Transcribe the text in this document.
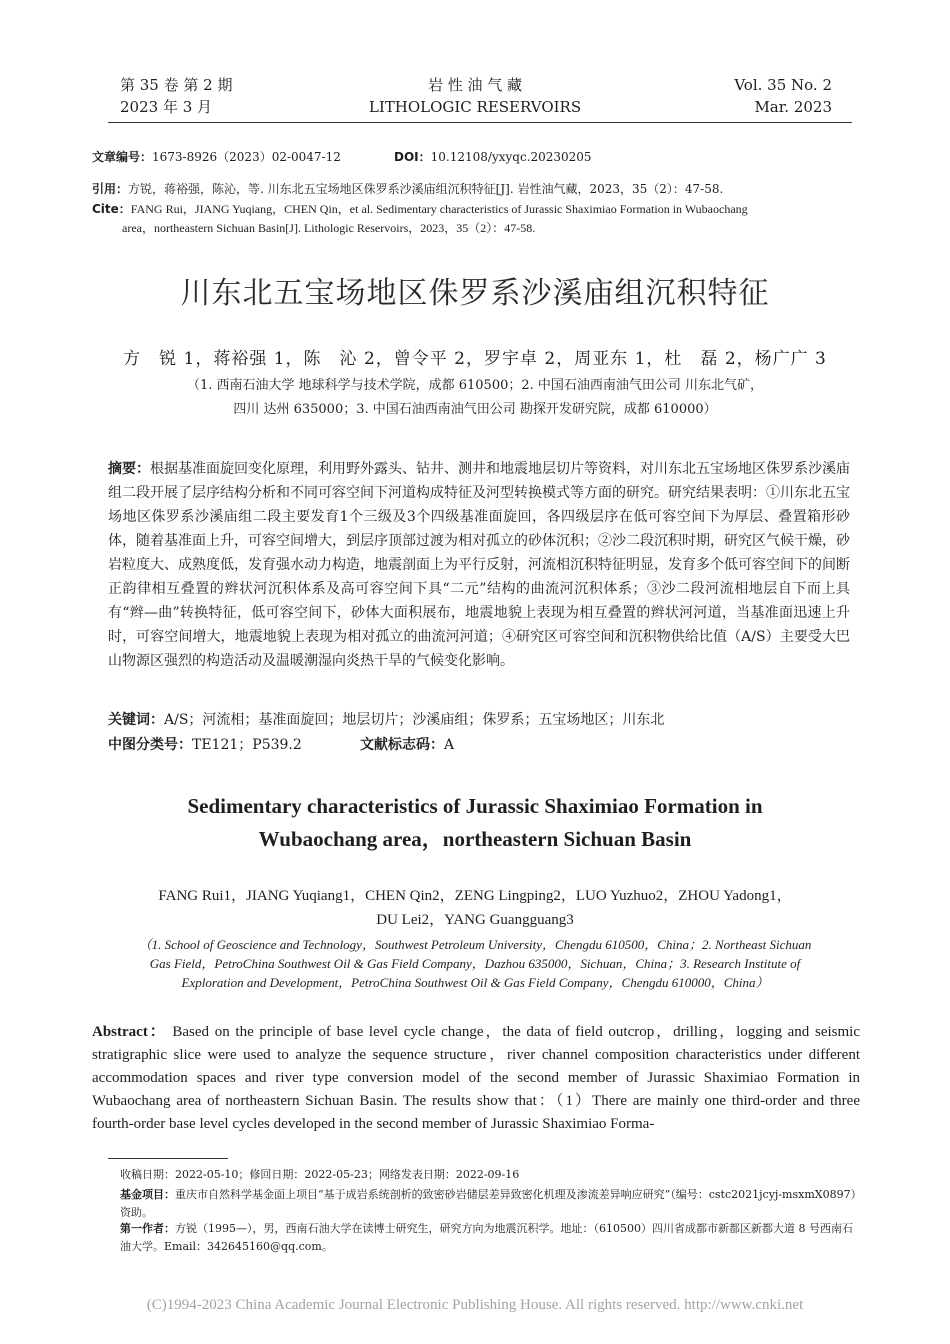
第 35 卷 第 2 期
2023 年 3 月
岩 性 油 气 藏
LITHOLOGIC RESERVOIRS
Vol. 35 No. 2
Mar. 2023
文章编号：1673-8926（2023）02-0047-12	DOI：10.12108/yxyqc.20230205
引用：方锐，蒋裕强，陈沁，等. 川东北五宝场地区侏罗系沙溪庙组沉积特征[J]. 岩性油气藏，2023，35（2）：47-58.
Cite：FANG Rui，JIANG Yuqiang，CHEN Qin，et al. Sedimentary characteristics of Jurassic Shaximiao Formation in Wubaochang
area，northeastern Sichuan Basin[J]. Lithologic Reservoirs，2023，35（2）：47-58.
川东北五宝场地区侏罗系沙溪庙组沉积特征
方　锐 1，蒋裕强 1，陈　沁 2，曾令平 2，罗宇卓 2，周亚东 1，杜　磊 2，杨广广 3
（1. 西南石油大学 地球科学与技术学院，成都 610500；2. 中国石油西南油气田公司 川东北气矿，
四川 达州 635000；3. 中国石油西南油气田公司 勘探开发研究院，成都 610000）
摘要：根据基准面旋回变化原理，利用野外露头、钻井、测井和地震地层切片等资料，对川东北五宝场地区侏罗系沙溪庙组二段开展了层序结构分析和不同可容空间下河道构成特征及河型转换模式等方面的研究。研究结果表明：①川东北五宝场地区侏罗系沙溪庙组二段主要发育1个三级及3个四级基准面旋回，各四级层序在低可容空间下为厚层、叠置箱形砂体，随着基准面上升，可容空间增大，到层序顶部过渡为相对孤立的砂体沉积；②沙二段沉积时期，研究区气候干燥，砂岩粒度大、成熟度低，发育强水动力构造，地震剖面上为平行反射，河流相沉积特征明显，发育多个低可容空间下的间断正韵律相互叠置的辫状河沉积体系及高可容空间下具“二元”结构的曲流河沉积体系；③沙二段河流相地层自下而上具有“辫—曲”转换特征，低可容空间下，砂体大面积展布，地震地貌上表现为相互叠置的辫状河河道，当基准面迅速上升时，可容空间增大，地震地貌上表现为相对孤立的曲流河河道；④研究区可容空间和沉积物供给比值（A/S）主要受大巴山物源区强烈的构造活动及温暖潮湿向炎热干旱的气候变化影响。
关键词：A/S；河流相；基准面旋回；地层切片；沙溪庙组；侏罗系；五宝场地区；川东北
中图分类号：TE121；P539.2	文献标志码：A
Sedimentary characteristics of Jurassic Shaximiao Formation in
Wubaochang area，northeastern Sichuan Basin
FANG Rui1，JIANG Yuqiang1，CHEN Qin2，ZENG Lingping2，LUO Yuzhuo2，ZHOU Yadong1，
DU Lei2，YANG Guangguang3
（1. School of Geoscience and Technology，Southwest Petroleum University，Chengdu 610500，China；2. Northeast Sichuan
Gas Field，PetroChina Southwest Oil & Gas Field Company，Dazhou 635000，Sichuan，China；3. Research Institute of
Exploration and Development，PetroChina Southwest Oil & Gas Field Company，Chengdu 610000，China）
Abstract： Based on the principle of base level cycle change，the data of field outcrop，drilling，logging and seismic stratigraphic slice were used to analyze the sequence structure，river channel composition characteristics under different accommodation spaces and river type conversion model of the second member of Jurassic Shaximiao Formation in Wubaochang area of northeastern Sichuan Basin. The results show that：（1）There are mainly one third-order and three fourth-order base level cycles developed in the second member of Jurassic Shaximiao Forma-
收稿日期：2022-05-10；修回日期：2022-05-23；网络发表日期：2022-09-16
基金项目：重庆市自然科学基金面上项目“基于成岩系统剖析的致密砂岩储层差异致密化机理及渗流差异响应研究”（编号：cstc2021jcyj-msxmX0897）资助。
第一作者：方锐（1995—），男，西南石油大学在读博士研究生，研究方向为地震沉积学。地址：（610500）四川省成都市新都区新都大道 8 号西南石油大学。Email：342645160@qq.com。
(C)1994-2023 China Academic Journal Electronic Publishing House. All rights reserved. http://www.cnki.net
